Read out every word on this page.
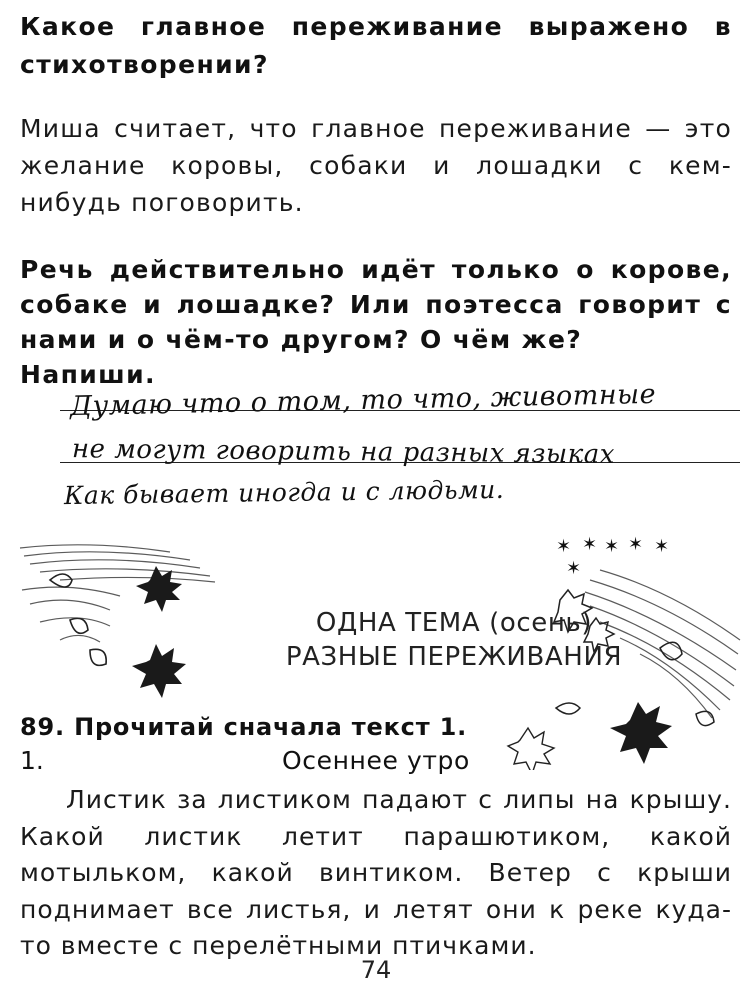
Какое главное переживание выражено в стихотворении?
Миша считает, что главное переживание — это желание коровы, собаки и лошадки с кем-нибудь поговорить.
Речь действительно идёт только о корове, собаке и лошадке? Или поэтесса говорит с нами и о чём-то другом? О чём же?
Напиши.
Думаю что о том, то что, животные
не могут говорить на разных языках
Как бывает иногда и с людьми.
✶ ✶ ✶ ✶ ✶
✶
ОДНА ТЕМА (осень)
РАЗНЫЕ ПЕРЕЖИВАНИЯ
89. Прочитай сначала текст 1.
1.	Осеннее утро
Листик за листиком падают с липы на крышу. Какой листик летит парашютиком, какой мотыльком, какой винтиком. Ветер с крыши поднимает все листья, и летят они к реке куда-то вместе с перелётными птичками.
74
